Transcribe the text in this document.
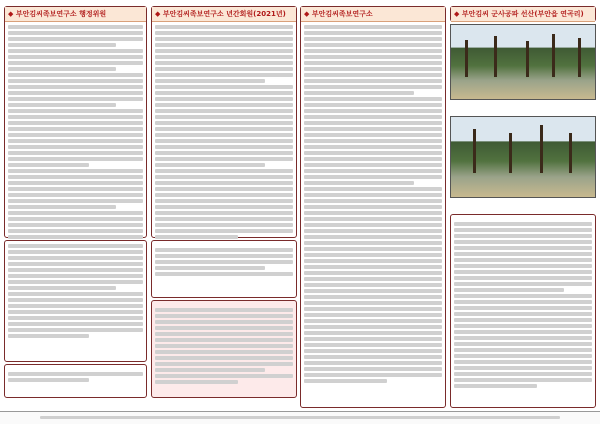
◆ 부안김씨족보연구소 행정위원	◆ 부안김씨족보연구소 년간회원(2021년)	◆ 부안김씨족보연구소	◆ 부안김씨 군사공파 선산(부안읍 연곡리)
